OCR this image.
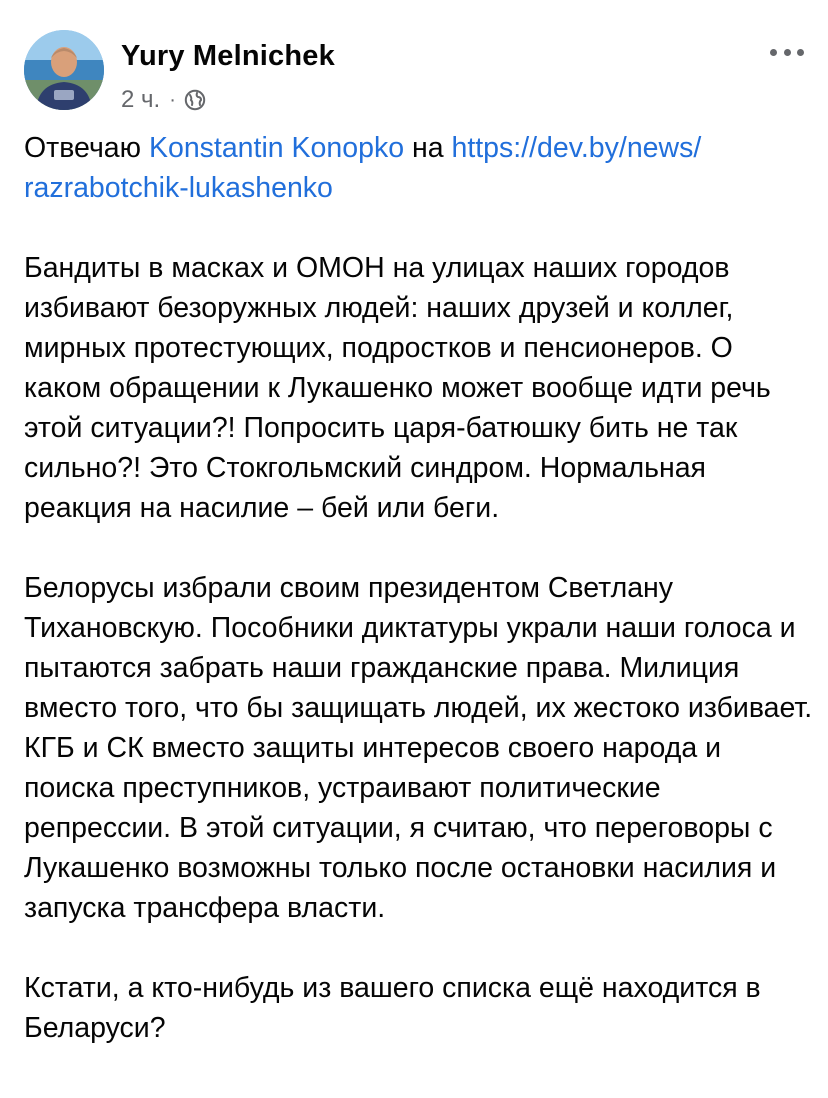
Yury Melnichek
2 ч. ·

Отвечаю Konstantin Konopko на https://dev.by/news/
razrabotchik-lukashenko

Бандиты в масках и ОМОН на улицах наших городов избивают безоружных людей: наших друзей и коллег, мирных протестующих, подростков и пенсионеров. О каком обращении к Лукашенко может вообще идти речь этой ситуации?! Попросить царя-батюшку бить не так сильно?! Это Стокгольмский синдром. Нормальная реакция на насилие – бей или беги.

Белорусы избрали своим президентом Светлану Тихановскую. Пособники диктатуры украли наши голоса и пытаются забрать наши гражданские права. Милиция вместо того, что бы защищать людей, их жестоко избивает. КГБ и СК вместо защиты интересов своего народа и поиска преступников, устраивают политические репрессии. В этой ситуации, я считаю, что переговоры с Лукашенко возможны только после остановки насилия и запуска трансфера власти.

Кстати, а кто-нибудь из вашего списка ещё находится в Беларуси?
